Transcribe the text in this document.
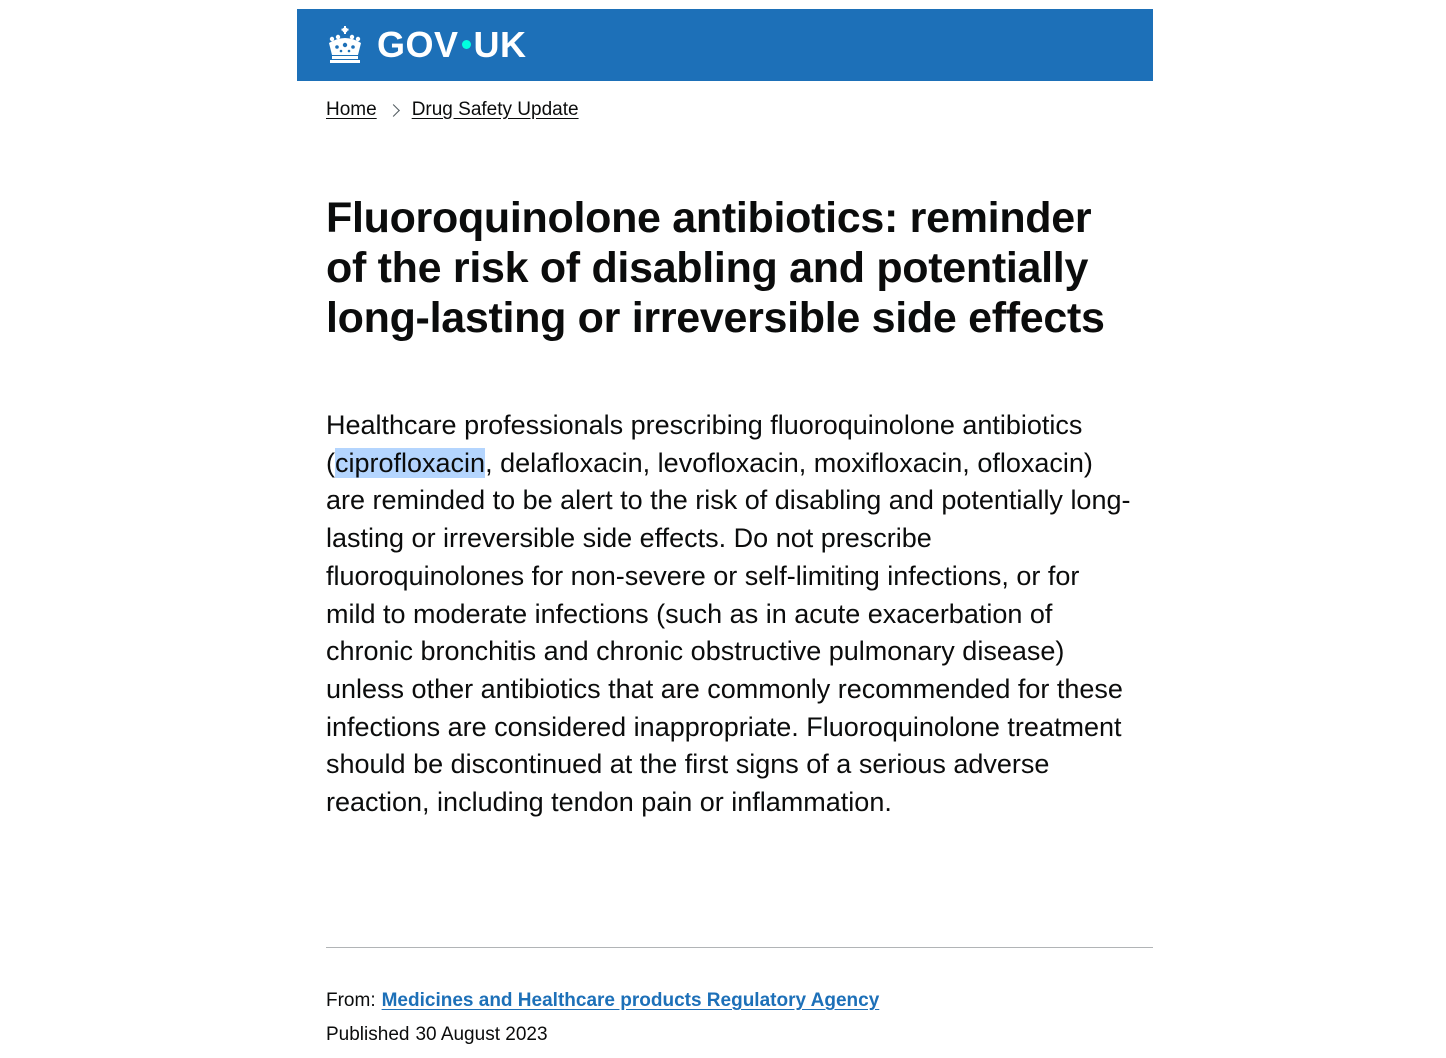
GOV UK
Home Drug Safety Update
Fluoroquinolone antibiotics: reminder of the risk of disabling and potentially long-lasting or irreversible side effects

Healthcare professionals prescribing fluoroquinolone antibiotics (ciprofloxacin, delafloxacin, levofloxacin, moxifloxacin, ofloxacin) are reminded to be alert to the risk of disabling and potentially long-lasting or irreversible side effects. Do not prescribe fluoroquinolones for non-severe or self-limiting infections, or for mild to moderate infections (such as in acute exacerbation of chronic bronchitis and chronic obstructive pulmonary disease) unless other antibiotics that are commonly recommended for these infections are considered inappropriate. Fluoroquinolone treatment should be discontinued at the first signs of a serious adverse reaction, including tendon pain or inflammation.

From: Medicines and Healthcare products Regulatory Agency
Published 30 August 2023
